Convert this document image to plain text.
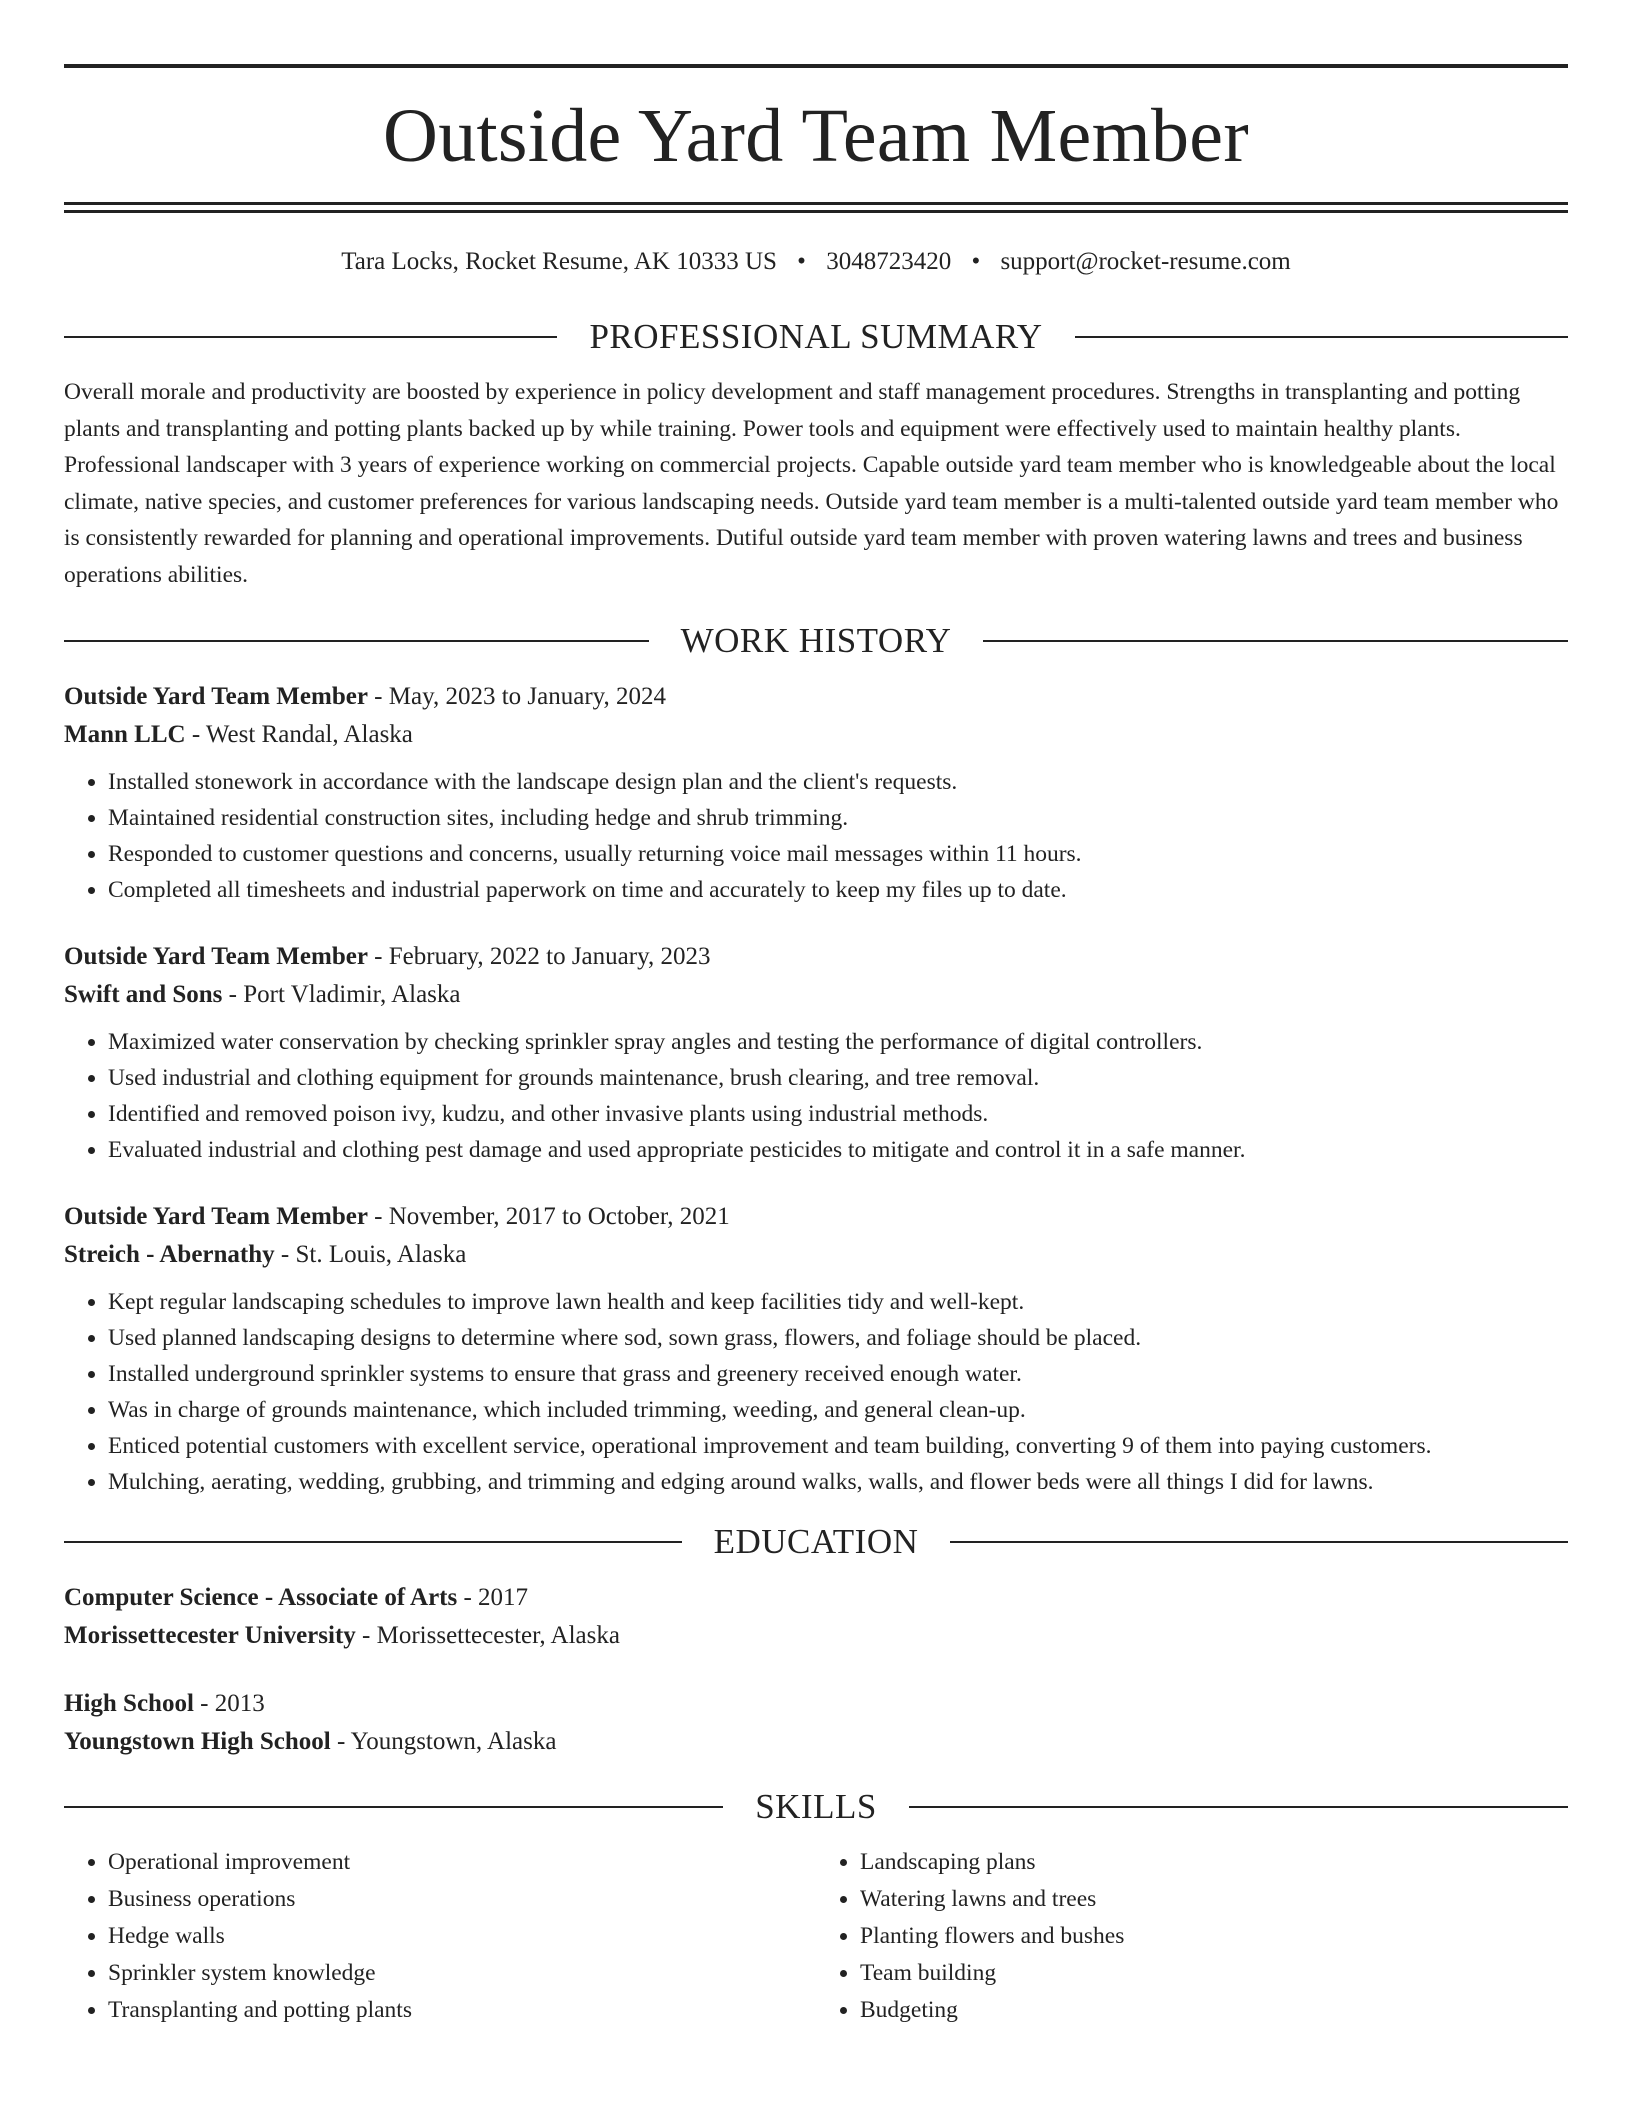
Outside Yard Team Member
Tara Locks, Rocket Resume, AK 10333 US • 3048723420 • support@rocket-resume.com
PROFESSIONAL SUMMARY

Overall morale and productivity are boosted by experience in policy development and staff management procedures. Strengths in transplanting and potting plants and transplanting and potting plants backed up by while training. Power tools and equipment were effectively used to maintain healthy plants. Professional landscaper with 3 years of experience working on commercial projects. Capable outside yard team member who is knowledgeable about the local climate, native species, and customer preferences for various landscaping needs. Outside yard team member is a multi-talented outside yard team member who is consistently rewarded for planning and operational improvements. Dutiful outside yard team member with proven watering lawns and trees and business operations abilities.

WORK HISTORY
Outside Yard Team Member - May, 2023 to January, 2024
Mann LLC - West Randal, Alaska
• Installed stonework in accordance with the landscape design plan and the client's requests.
• Maintained residential construction sites, including hedge and shrub trimming.
• Responded to customer questions and concerns, usually returning voice mail messages within 11 hours.
• Completed all timesheets and industrial paperwork on time and accurately to keep my files up to date.
Outside Yard Team Member - February, 2022 to January, 2023
Swift and Sons - Port Vladimir, Alaska
• Maximized water conservation by checking sprinkler spray angles and testing the performance of digital controllers.
• Used industrial and clothing equipment for grounds maintenance, brush clearing, and tree removal.
• Identified and removed poison ivy, kudzu, and other invasive plants using industrial methods.
• Evaluated industrial and clothing pest damage and used appropriate pesticides to mitigate and control it in a safe manner.
Outside Yard Team Member - November, 2017 to October, 2021
Streich - Abernathy - St. Louis, Alaska
• Kept regular landscaping schedules to improve lawn health and keep facilities tidy and well-kept.
• Used planned landscaping designs to determine where sod, sown grass, flowers, and foliage should be placed.
• Installed underground sprinkler systems to ensure that grass and greenery received enough water.
• Was in charge of grounds maintenance, which included trimming, weeding, and general clean-up.
• Enticed potential customers with excellent service, operational improvement and team building, converting 9 of them into paying customers.
• Mulching, aerating, wedding, grubbing, and trimming and edging around walks, walls, and flower beds were all things I did for lawns.
EDUCATION
Computer Science - Associate of Arts - 2017
Morissettecester University - Morissettecester, Alaska
High School - 2013
Youngstown High School - Youngstown, Alaska
SKILLS
• Operational improvement
• Business operations
• Hedge walls
• Sprinkler system knowledge
• Transplanting and potting plants
• Landscaping plans
• Watering lawns and trees
• Planting flowers and bushes
• Team building
• Budgeting
